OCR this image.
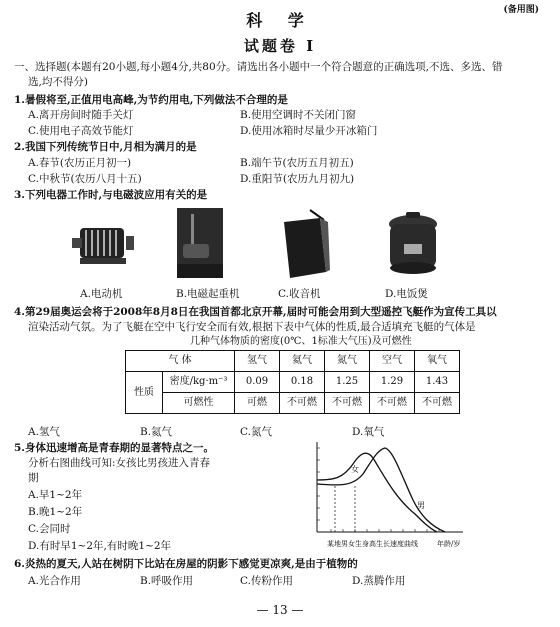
(备用图)
科 学
试题卷 I
一、选择题(本题有20小题,每小题4分,共80分。请选出各小题中一个符合题意的正确选项,不选、多选、错
选,均不得分)
1.暑假将至,正值用电高峰,为节约用电,下列做法不合理的是
A.离开房间时随手关灯	B.使用空调时不关闭门窗
C.使用电子高效节能灯	D.使用冰箱时尽量少开冰箱门
2.我国下列传统节日中,月相为满月的是
A.春节(农历正月初一)	B.端午节(农历五月初五)
C.中秋节(农历八月十五)	D.重阳节(农历九月初九)
3.下列电器工作时,与电磁波应用有关的是
A.电动机	B.电磁起重机	C.收音机	D.电饭煲
4.第29届奥运会将于2008年8月8日在我国首都北京开幕,届时可能会用到大型遥控飞艇作为宣传工具以
渲染活动气氛。为了飞艇在空中飞行安全而有效,根据下表中气体的性质,最合适填充飞艇的气体是
几种气体物质的密度(0℃、1标准大气压)及可燃性
气 体		氢气	氦气	氮气	空气	氧气
性质	密度/kg·m⁻³	0.09	0.18	1.25	1.29	1.43
	可燃性	可燃	不可燃	不可燃	不可燃	不可燃
A.氢气	B.氦气	C.氮气	D.氧气
5.身体迅速增高是青春期的显著特点之一。
分析右图曲线可知:女孩比男孩进入青春
期
A.早1~2年
B.晚1~2年
C.会同时
D.有时早1~2年,有时晚1~2年
女
男
某地男女生身高生长速度曲线	年龄/岁
6.炎热的夏天,人站在树阴下比站在房屋的阴影下感觉更凉爽,是由于植物的
A.光合作用	B.呼吸作用	C.传粉作用	D.蒸腾作用
— 13 —
